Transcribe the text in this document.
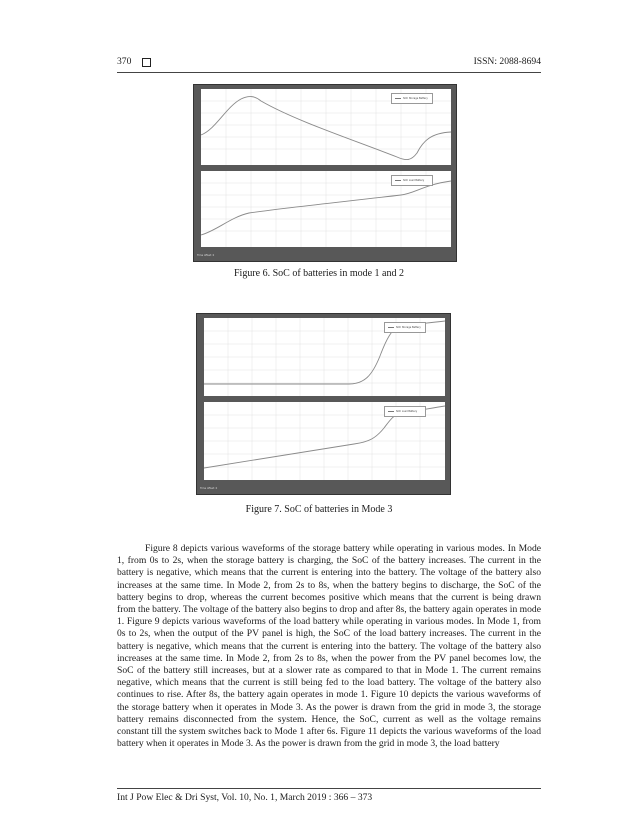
370	ISSN: 2088-8694
SOC Storage Battery
SOC Load Battery
Time offset: 0
Figure 6. SoC of batteries in mode 1 and 2
SOC Storage Battery
SOC Load Battery
Time offset: 0
Figure 7. SoC of batteries in Mode 3

Figure 8 depicts various waveforms of the storage battery while operating in various modes. In Mode 1, from 0s to 2s, when the storage battery is charging, the SoC of the battery increases. The current in the battery is negative, which means that the current is entering into the battery. The voltage of the battery also increases at the same time. In Mode 2, from 2s to 8s, when the battery begins to discharge, the SoC of the battery begins to drop, whereas the current becomes positive which means that the current is being drawn from the battery. The voltage of the battery also begins to drop and after 8s, the battery again operates in mode 1. Figure 9 depicts various waveforms of the load battery while operating in various modes. In Mode 1, from 0s to 2s, when the output of the PV panel is high, the SoC of the load battery increases. The current in the battery is negative, which means that the current is entering into the battery. The voltage of the battery also increases at the same time. In Mode 2, from 2s to 8s, when the power from the PV panel becomes low, the SoC of the battery still increases, but at a slower rate as compared to that in Mode 1. The current remains negative, which means that the current is still being fed to the load battery. The voltage of the battery also continues to rise. After 8s, the battery again operates in mode 1. Figure 10 depicts the various waveforms of the storage battery when it operates in Mode 3. As the power is drawn from the grid in mode 3, the storage battery remains disconnected from the system. Hence, the SoC, current as well as the voltage remains constant till the system switches back to Mode 1 after 6s. Figure 11 depicts the various waveforms of the load battery when it operates in Mode 3. As the power is drawn from the grid in mode 3, the load battery

Int J Pow Elec & Dri Syst, Vol. 10, No. 1, March 2019 : 366 – 373
